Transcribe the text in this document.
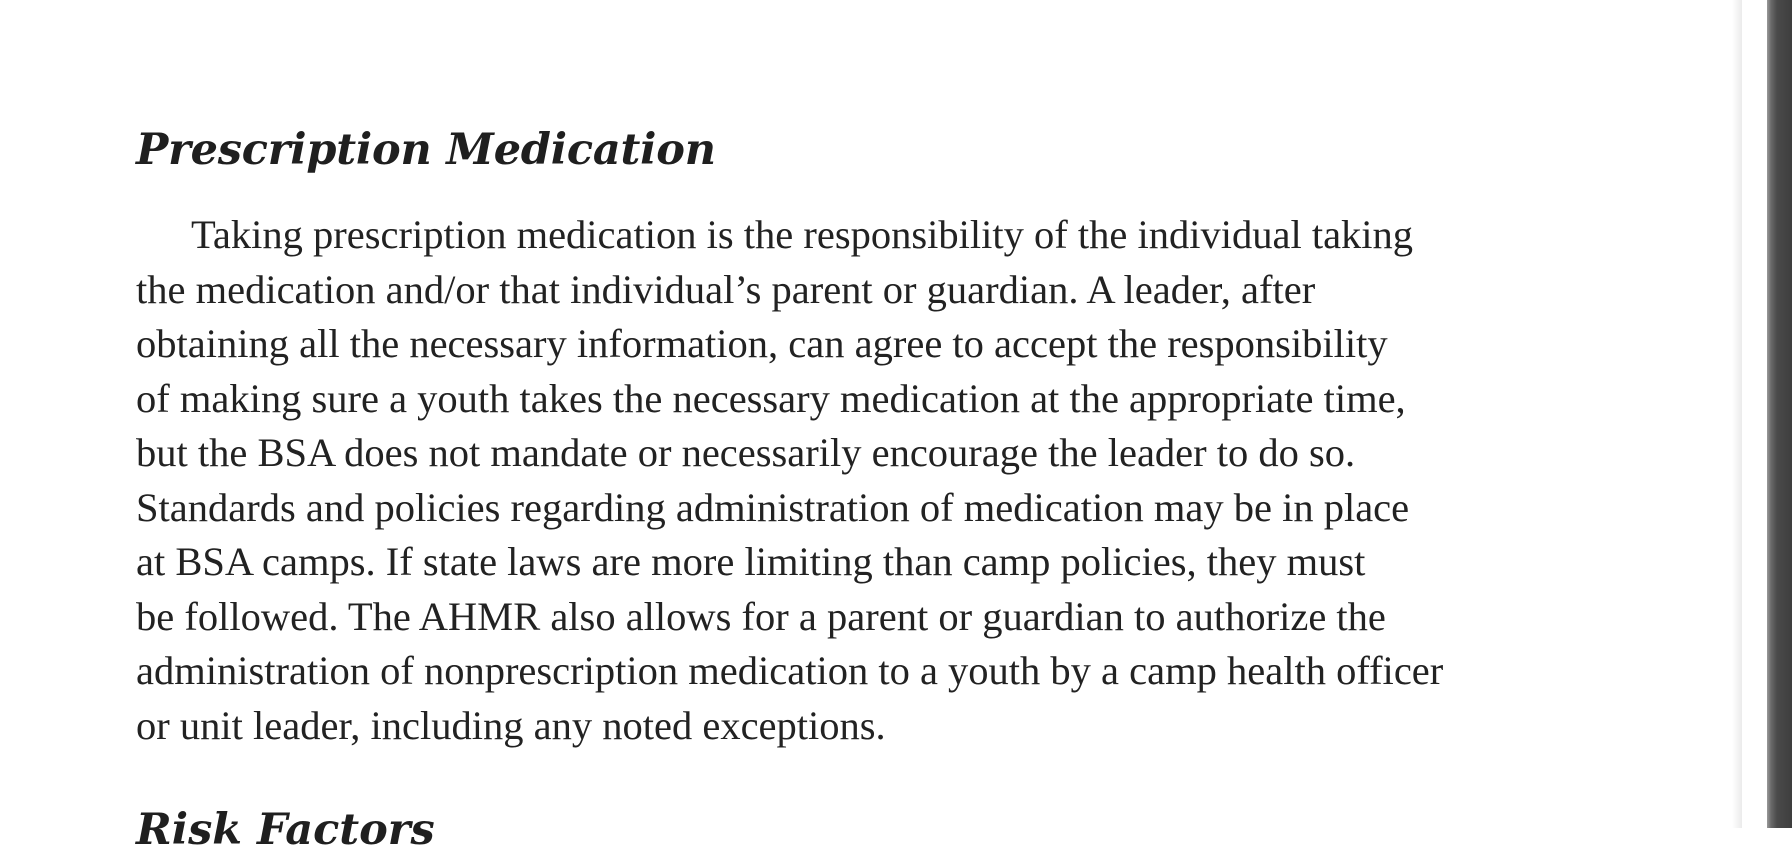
Prescription Medication

Taking prescription medication is the responsibility of the individual taking
the medication and/or that individual’s parent or guardian. A leader, after
obtaining all the necessary information, can agree to accept the responsibility
of making sure a youth takes the necessary medication at the appropriate time,
but the BSA does not mandate or necessarily encourage the leader to do so.
Standards and policies regarding administration of medication may be in place
at BSA camps. If state laws are more limiting than camp policies, they must
be followed. The AHMR also allows for a parent or guardian to authorize the
administration of nonprescription medication to a youth by a camp health officer
or unit leader, including any noted exceptions.

Risk Factors
